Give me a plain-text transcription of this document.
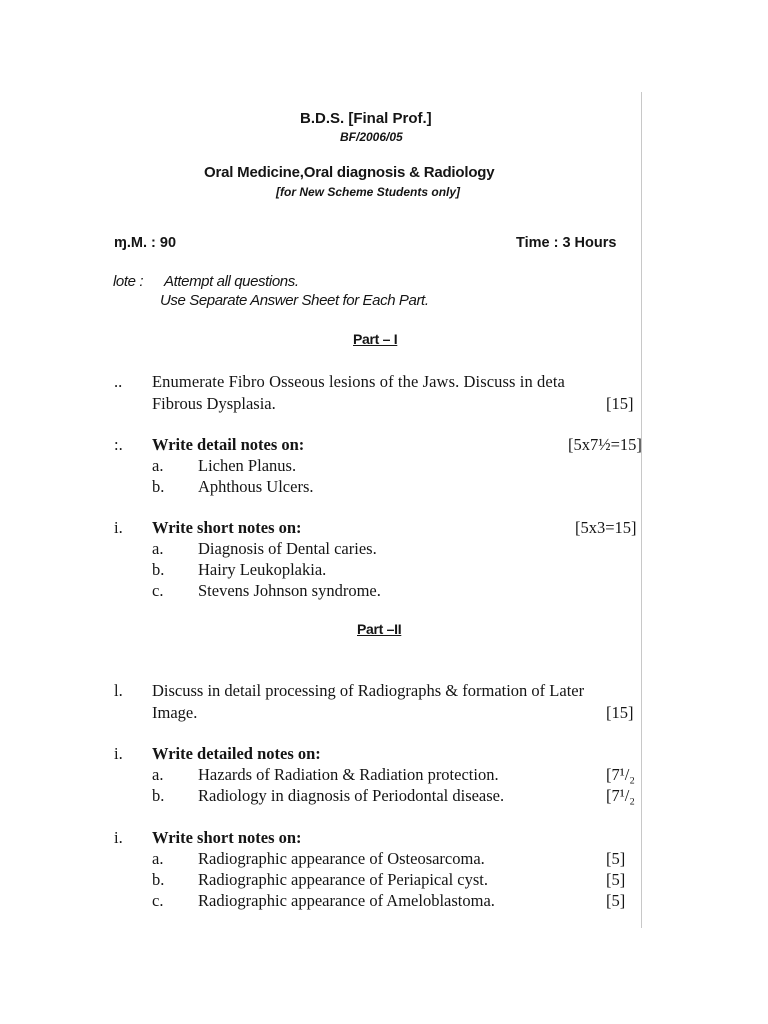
B.D.S. [Final Prof.]
BF/2006/05
Oral Medicine,Oral diagnosis & Radiology
[for New Scheme Students only]
ɱ.M. : 90	Time : 3 Hours
lote : Attempt all questions.
Use Separate Answer Sheet for Each Part.
Part – I
.. Enumerate Fibro Osseous lesions of the Jaws. Discuss in deta
Fibrous Dysplasia.	[15]
:. Write detail notes on:	[5x7½=15]
a. Lichen Planus.
b. Aphthous Ulcers.
i. Write short notes on:	[5x3=15]
a. Diagnosis of Dental caries.
b. Hairy Leukoplakia.
c. Stevens Johnson syndrome.
Part –II
l. Discuss in detail processing of Radiographs & formation of Later
Image.	[15]
i. Write detailed notes on:
a. Hazards of Radiation & Radiation protection.	[7¹/₂
b. Radiology in diagnosis of Periodontal disease.	[7¹/₂
i. Write short notes on:
a. Radiographic appearance of Osteosarcoma.	[5]
b. Radiographic appearance of Periapical cyst.	[5]
c. Radiographic appearance of Ameloblastoma.	[5]
